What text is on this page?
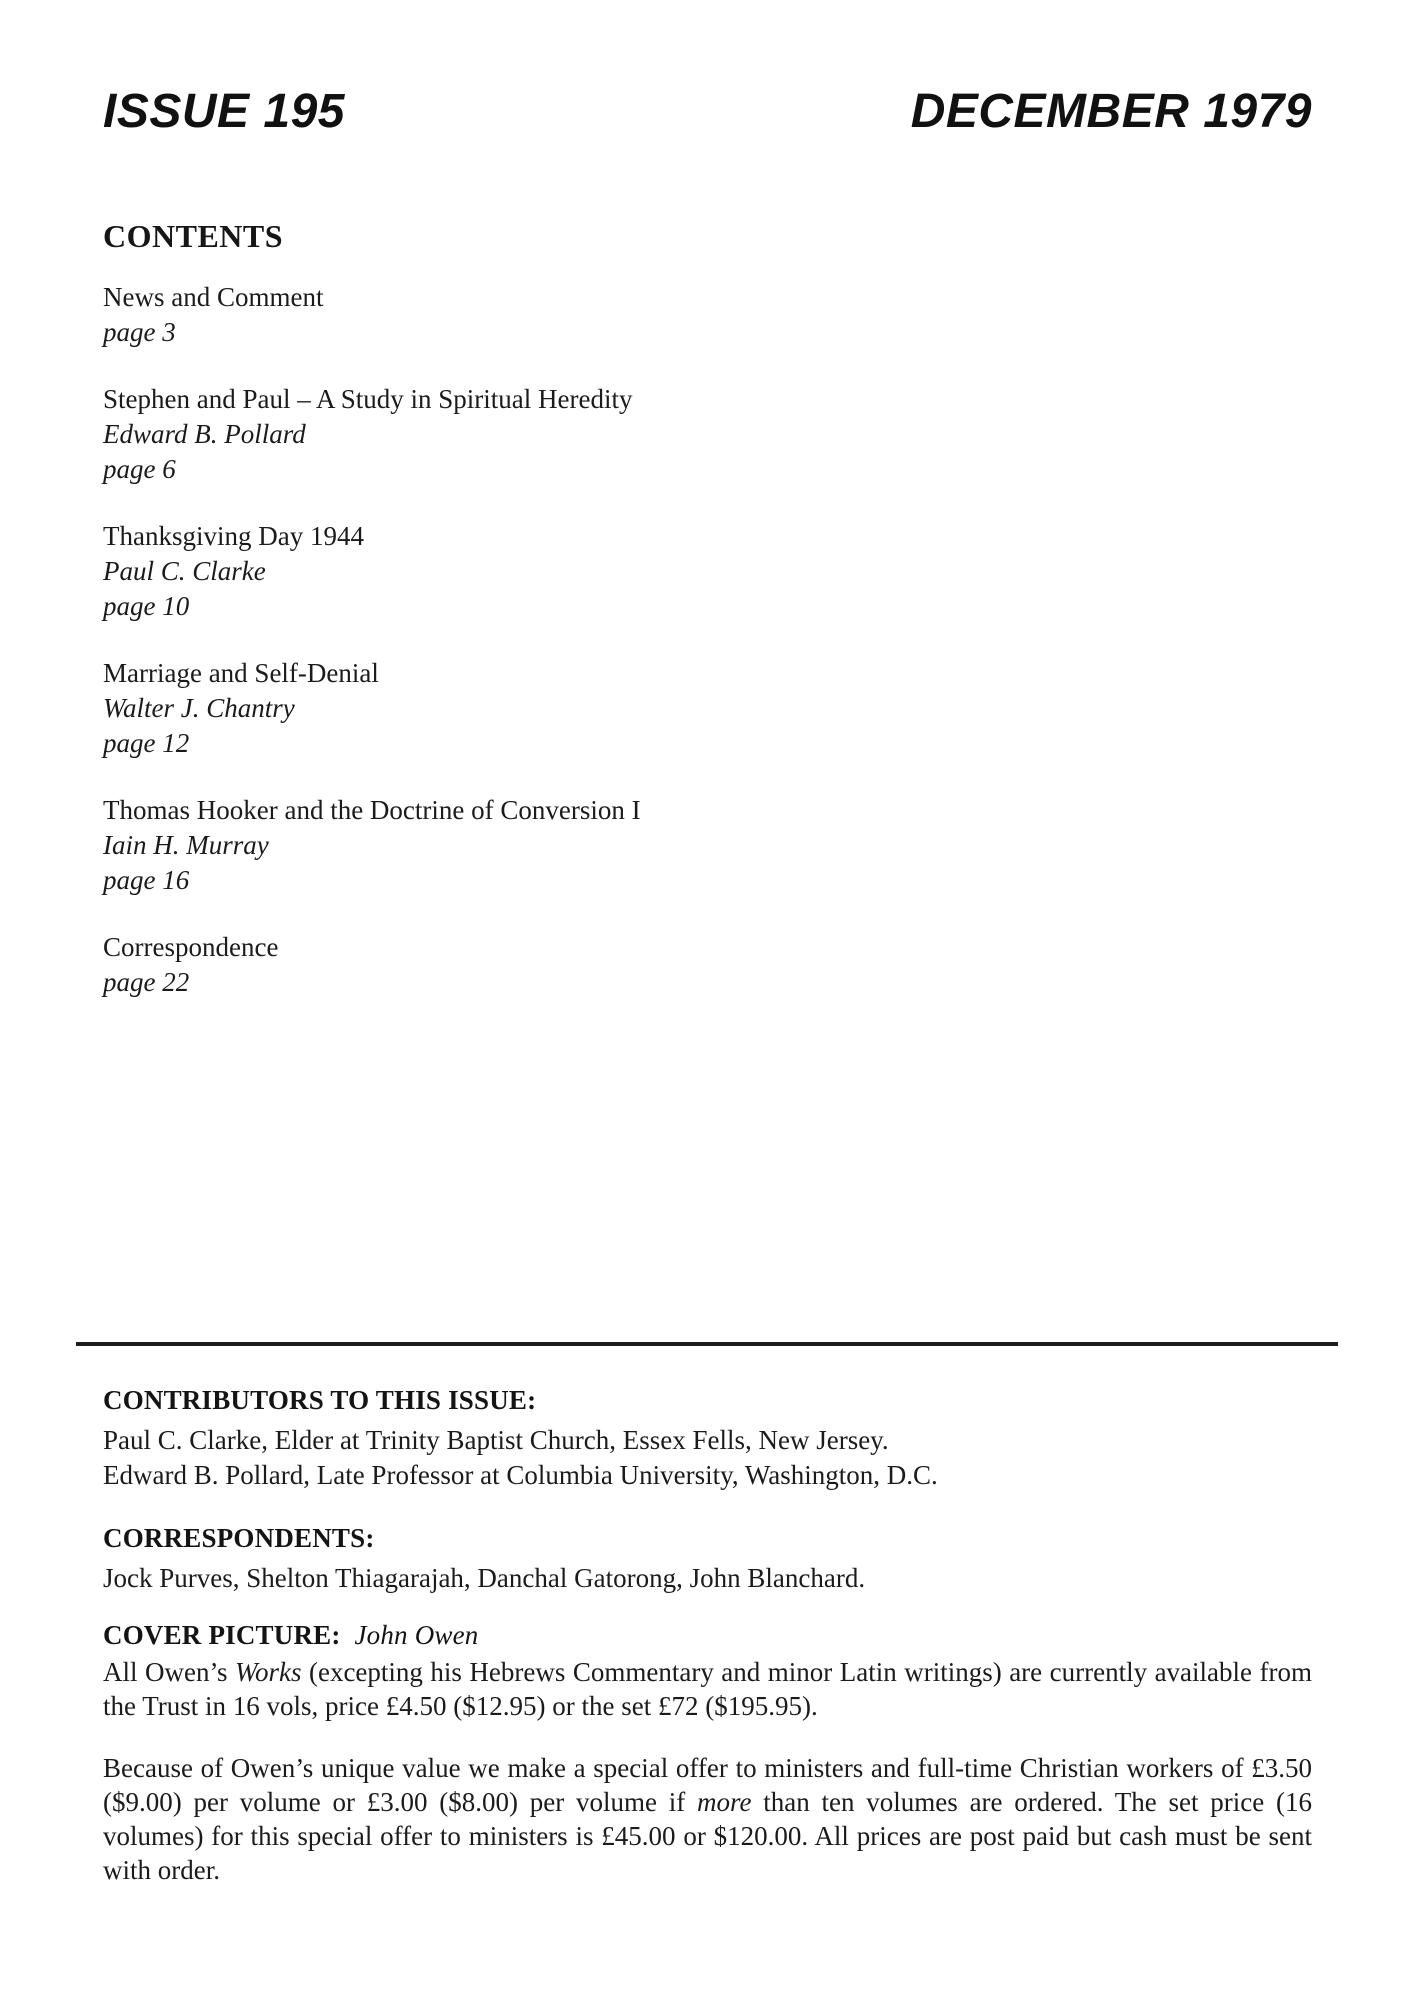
ISSUE 195	DECEMBER 1979
CONTENTS
News and Comment
page 3
Stephen and Paul – A Study in Spiritual Heredity
Edward B. Pollard
page 6
Thanksgiving Day 1944
Paul C. Clarke
page 10
Marriage and Self-Denial
Walter J. Chantry
page 12
Thomas Hooker and the Doctrine of Conversion I
Iain H. Murray
page 16
Correspondence
page 22
CONTRIBUTORS TO THIS ISSUE:
Paul C. Clarke, Elder at Trinity Baptist Church, Essex Fells, New Jersey.
Edward B. Pollard, Late Professor at Columbia University, Washington, D.C.
CORRESPONDENTS:
Jock Purves, Shelton Thiagarajah, Danchal Gatorong, John Blanchard.
COVER PICTURE: John Owen
All Owen’s Works (excepting his Hebrews Commentary and minor Latin writings) are currently available from the Trust in 16 vols, price £4.50 ($12.95) or the set £72 ($195.95).
Because of Owen’s unique value we make a special offer to ministers and full-time Christian workers of £3.50 ($9.00) per volume or £3.00 ($8.00) per volume if more than ten volumes are ordered. The set price (16 volumes) for this special offer to ministers is £45.00 or $120.00. All prices are post paid but cash must be sent with order.
